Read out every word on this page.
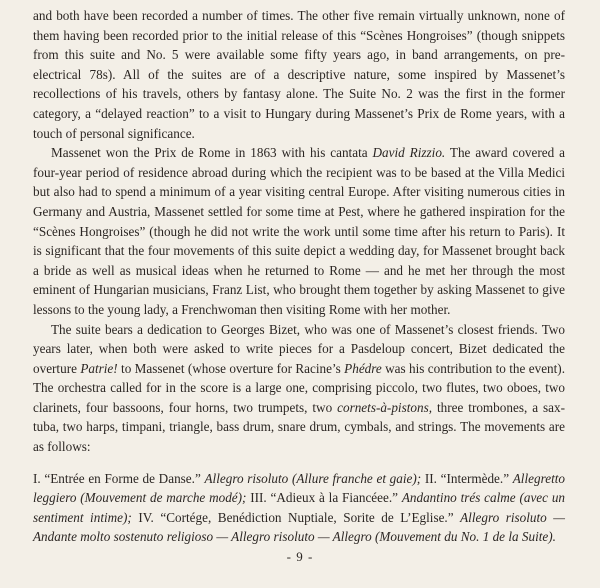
and both have been recorded a number of times. The other five remain virtually unknown, none of them having been recorded prior to the initial release of this “Scènes Hongroises” (though snippets from this suite and No. 5 were available some fifty years ago, in band arrangements, on pre-electrical 78s). All of the suites are of a descriptive nature, some inspired by Massenet’s recollections of his travels, others by fantasy alone. The Suite No. 2 was the first in the former category, a “delayed reaction” to a visit to Hungary during Massenet’s Prix de Rome years, with a touch of personal significance.

Massenet won the Prix de Rome in 1863 with his cantata David Rizzio. The award covered a four-year period of residence abroad during which the recipient was to be based at the Villa Medici but also had to spend a minimum of a year visiting central Europe. After visiting numerous cities in Germany and Austria, Massenet settled for some time at Pest, where he gathered inspiration for the “Scènes Hongroises” (though he did not write the work until some time after his return to Paris). It is significant that the four movements of this suite depict a wedding day, for Massenet brought back a bride as well as musical ideas when he returned to Rome — and he met her through the most eminent of Hungarian musicians, Franz List, who brought them together by asking Massenet to give lessons to the young lady, a Frenchwoman then visiting Rome with her mother.

The suite bears a dedication to Georges Bizet, who was one of Massenet’s closest friends. Two years later, when both were asked to write pieces for a Pasdeloup concert, Bizet dedicated the overture Patrie! to Massenet (whose overture for Racine’s Phédre was his contribution to the event). The orchestra called for in the score is a large one, comprising piccolo, two flutes, two oboes, two clarinets, four bassoons, four horns, two trumpets, two cornets-à-pistons, three trombones, a sax-tuba, two harps, timpani, triangle, bass drum, snare drum, cymbals, and strings. The movements are as follows:

I. “Entrée en Forme de Danse.” Allegro risoluto (Allure franche et gaie); II. “Intermède.” Allegretto leggiero (Mouvement de marche modé); III. “Adieux à la Fiancéee.” Andantino trés calme (avec un sentiment intime); IV. “Cortége, Benédiction Nuptiale, Sorite de L’Eglise.” Allegro risoluto — Andante molto sostenuto religioso — Allegro risoluto — Allegro (Mouvement du No. 1 de la Suite).

- 9 -
